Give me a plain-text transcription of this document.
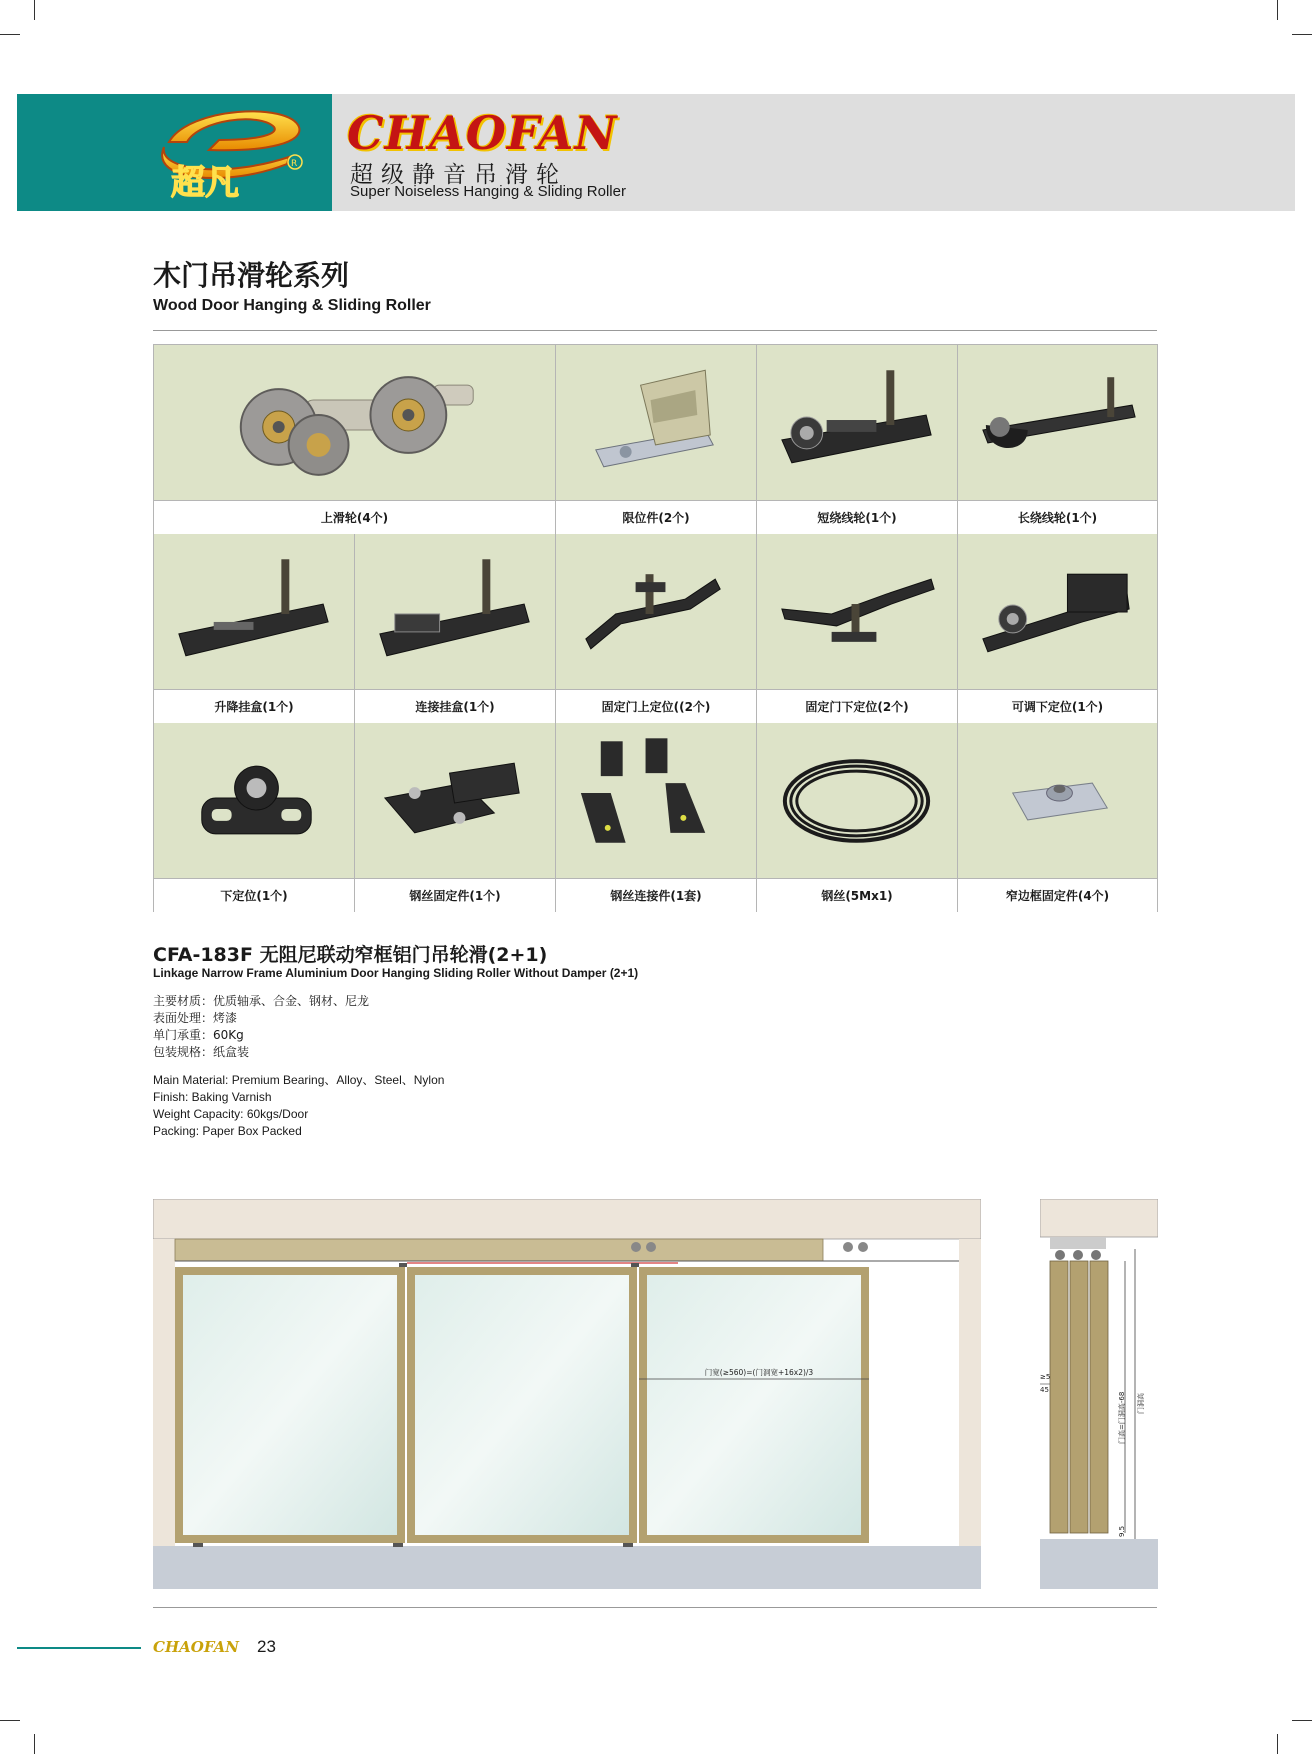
超凡	R
CHAOFAN
超级静音吊滑轮
Super Noiseless Hanging & Sliding Roller
木门吊滑轮系列
Wood Door Hanging & Sliding Roller
上滑轮(4个)	限位件(2个)	短绕线轮(1个)	长绕线轮(1个)
升降挂盒(1个)	连接挂盒(1个)	固定门上定位((2个)	固定门下定位(2个)	可调下定位(1个)
下定位(1个)	钢丝固定件(1个)	钢丝连接件(1套)	钢丝(5Mx1)	窄边框固定件(4个)
CFA-183F 无阻尼联动窄框铝门吊轮滑(2+1)
Linkage Narrow Frame Aluminium Door Hanging Sliding Roller Without Damper (2+1)
主要材质：优质轴承、合金、钢材、尼龙
表面处理：烤漆
单门承重：60Kg
包装规格：纸盒装
Main Material: Premium Bearing、Alloy、Steel、Nylon
Finish: Baking Varnish
Weight Capacity: 60kgs/Door
Packing: Paper Box Packed
门宽(≥560)=(门洞宽+16x2)/3	≥5
45
门高=门洞高-68 门洞高
9.5
CHAOFAN 23
